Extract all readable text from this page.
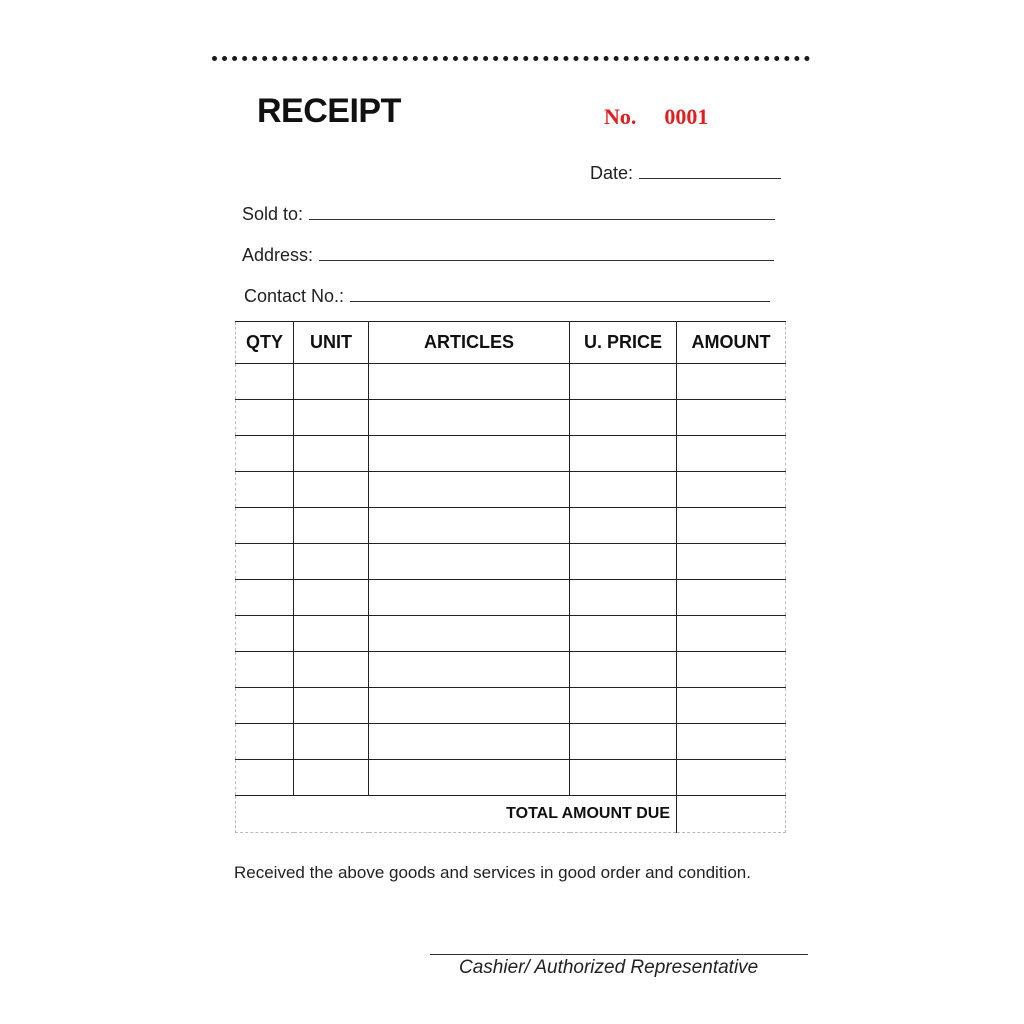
RECEIPT	No. 0001
Date:
Sold to:
Address:
Contact No.:
QTY	UNIT	ARTICLES	U. PRICE	AMOUNT

TOTAL AMOUNT DUE				
Received the above goods and services in good order and condition.
Cashier/ Authorized Representative
